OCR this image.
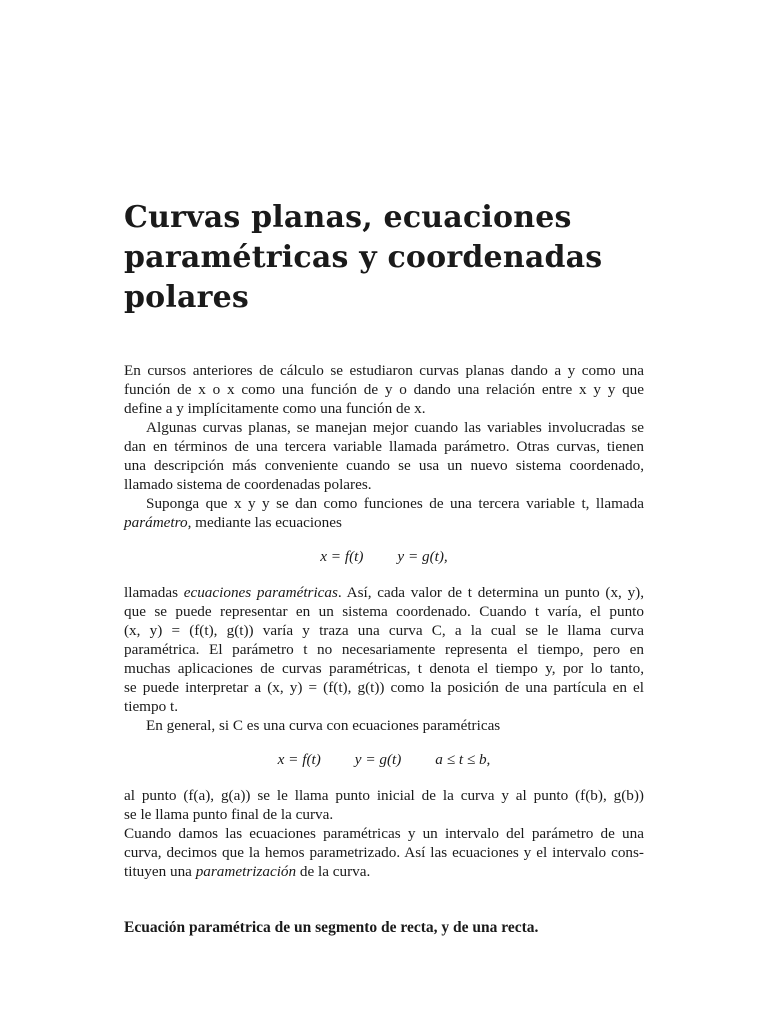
Curvas planas, ecuaciones
paramétricas y coordenadas
polares
En cursos anteriores de cálculo se estudiaron curvas planas dando a y como una
función de x o x como una función de y o dando una relación entre x y y que
define a y implícitamente como una función de x.
Algunas curvas planas, se manejan mejor cuando las variables involucradas se
dan en términos de una tercera variable llamada parámetro. Otras curvas, tienen
una descripción más conveniente cuando se usa un nuevo sistema coordenado,
llamado sistema de coordenadas polares.
Suponga que x y y se dan como funciones de una tercera variable t, llamada
parámetro, mediante las ecuaciones
x = f(t) y = g(t),
llamadas ecuaciones paramétricas. Así, cada valor de t determina un punto (x, y),
que se puede representar en un sistema coordenado. Cuando t varía, el punto
(x, y) = (f(t), g(t)) varía y traza una curva C, a la cual se le llama curva
paramétrica. El parámetro t no necesariamente representa el tiempo, pero en
muchas aplicaciones de curvas paramétricas, t denota el tiempo y, por lo tanto,
se puede interpretar a (x, y) = (f(t), g(t)) como la posición de una partícula en el
tiempo t.
En general, si C es una curva con ecuaciones paramétricas
x = f(t) y = g(t) a ≤ t ≤ b,
al punto (f(a), g(a)) se le llama punto inicial de la curva y al punto (f(b), g(b))
se le llama punto final de la curva.
Cuando damos las ecuaciones paramétricas y un intervalo del parámetro de una
curva, decimos que la hemos parametrizado. Así las ecuaciones y el intervalo cons-
tituyen una parametrización de la curva.
Ecuación paramétrica de un segmento de recta, y de una recta.
